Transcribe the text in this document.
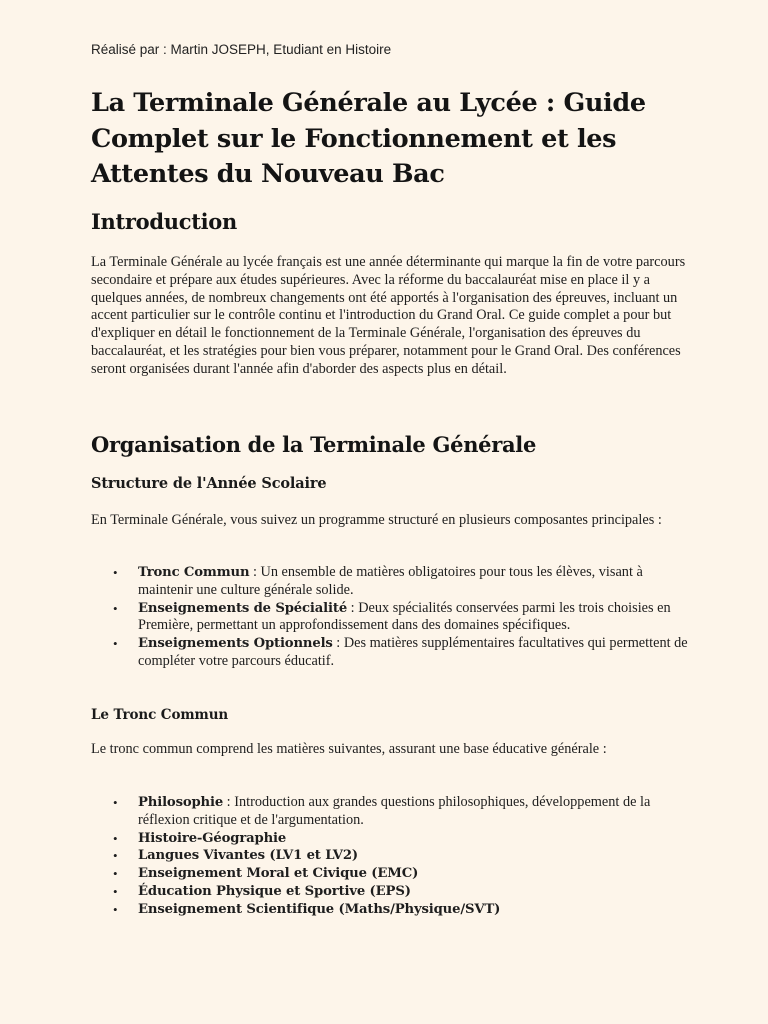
Réalisé par : Martin JOSEPH, Etudiant en Histoire
La Terminale Générale au Lycée : Guide Complet sur le Fonctionnement et les Attentes du Nouveau Bac
Introduction

La Terminale Générale au lycée français est une année déterminante qui marque la fin de votre parcours secondaire et prépare aux études supérieures. Avec la réforme du baccalauréat mise en place il y a quelques années, de nombreux changements ont été apportés à l'organisation des épreuves, incluant un accent particulier sur le contrôle continu et l'introduction du Grand Oral. Ce guide complet a pour but d'expliquer en détail le fonctionnement de la Terminale Générale, l'organisation des épreuves du baccalauréat, et les stratégies pour bien vous préparer, notamment pour le Grand Oral. Des conférences seront organisées durant l'année afin d'aborder des aspects plus en détail.

Organisation de la Terminale Générale
Structure de l'Année Scolaire

En Terminale Générale, vous suivez un programme structuré en plusieurs composantes principales :

• Tronc Commun : Un ensemble de matières obligatoires pour tous les élèves, visant à maintenir une culture générale solide.
• Enseignements de Spécialité : Deux spécialités conservées parmi les trois choisies en Première, permettant un approfondissement dans des domaines spécifiques.
• Enseignements Optionnels : Des matières supplémentaires facultatives qui permettent de compléter votre parcours éducatif.
Le Tronc Commun

Le tronc commun comprend les matières suivantes, assurant une base éducative générale :

• Philosophie : Introduction aux grandes questions philosophiques, développement de la réflexion critique et de l'argumentation.
• Histoire-Géographie
• Langues Vivantes (LV1 et LV2)
• Enseignement Moral et Civique (EMC)
• Éducation Physique et Sportive (EPS)
• Enseignement Scientifique (Maths/Physique/SVT)
